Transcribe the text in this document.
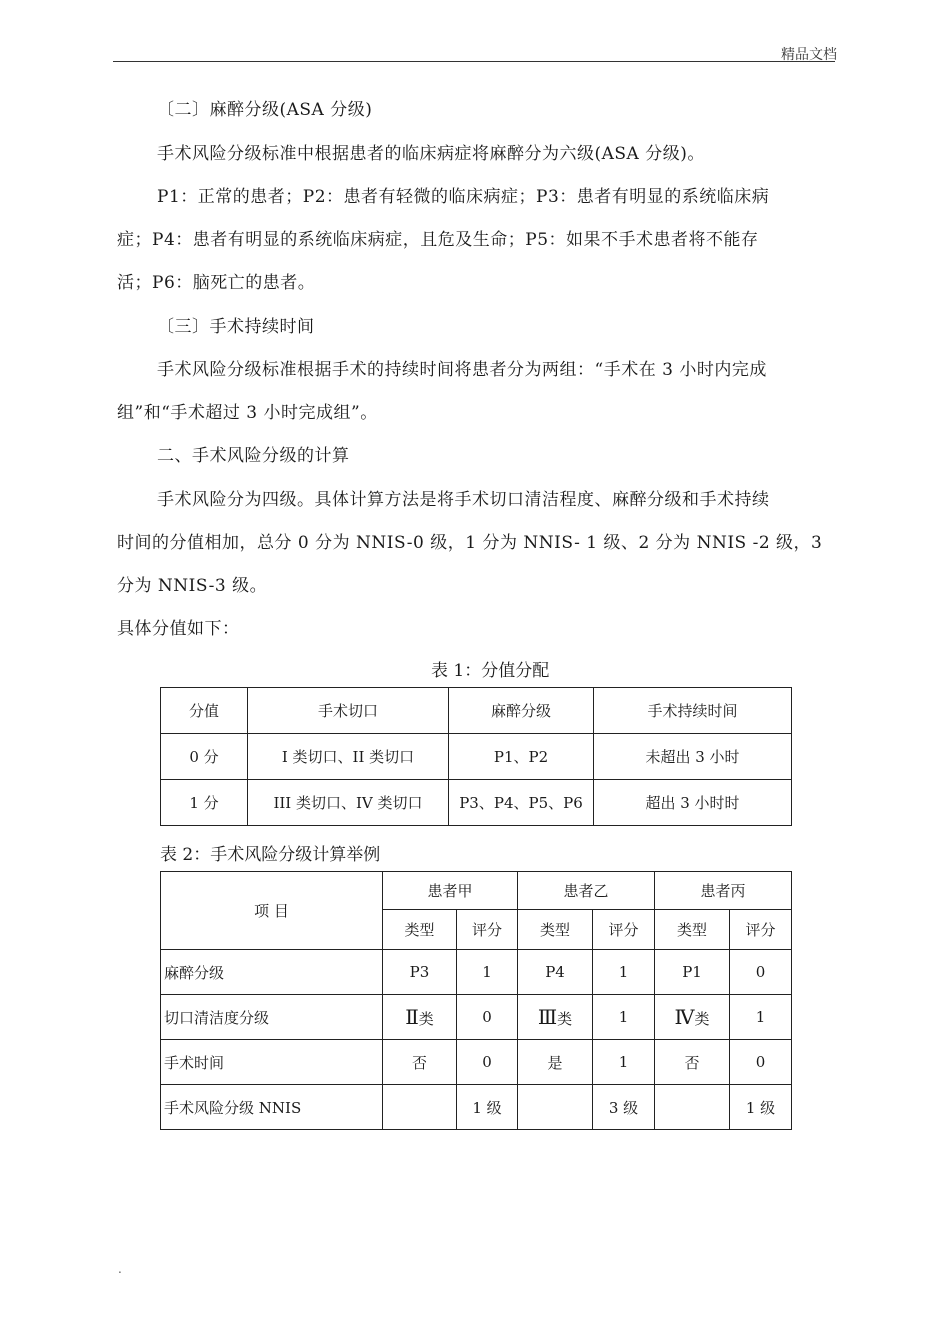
精品文档
〔二〕麻醉分级(ASA 分级)
手术风险分级标准中根据患者的临床病症将麻醉分为六级(ASA 分级)。
P1：正常的患者；P2：患者有轻微的临床病症；P3：患者有明显的系统临床病
症；P4：患者有明显的系统临床病症，且危及生命；P5：如果不手术患者将不能存
活；P6：脑死亡的患者。
〔三〕手术持续时间
手术风险分级标准根据手术的持续时间将患者分为两组：“手术在 3 小时内完成
组”和“手术超过 3 小时完成组”。
二、手术风险分级的计算
手术风险分为四级。具体计算方法是将手术切口清洁程度、麻醉分级和手术持续
时间的分值相加，总分 0 分为 NNIS-0 级，1 分为 NNIS- 1 级、2 分为 NNIS -2 级，3
分为 NNIS-3 级。
具体分值如下：
表 1：分值分配
分值	手术切口	麻醉分级	手术持续时间
0 分	I 类切口、II 类切口	P1、P2	未超出 3 小时
1 分	III 类切口、IV 类切口	P3、P4、P5、P6	超出 3 小时时
表 2：手术风险分级计算举例
项 目	患者甲		患者乙		患者丙	
	类型	评分	类型	评分	类型	评分
麻醉分级	P3	1	P4	1	P1	0
切口清洁度分级	Ⅱ类	0	Ⅲ类	1	Ⅳ类	1
手术时间	否	0	是	1	否	0
手术风险分级 NNIS		1 级		3 级		1 级
.
